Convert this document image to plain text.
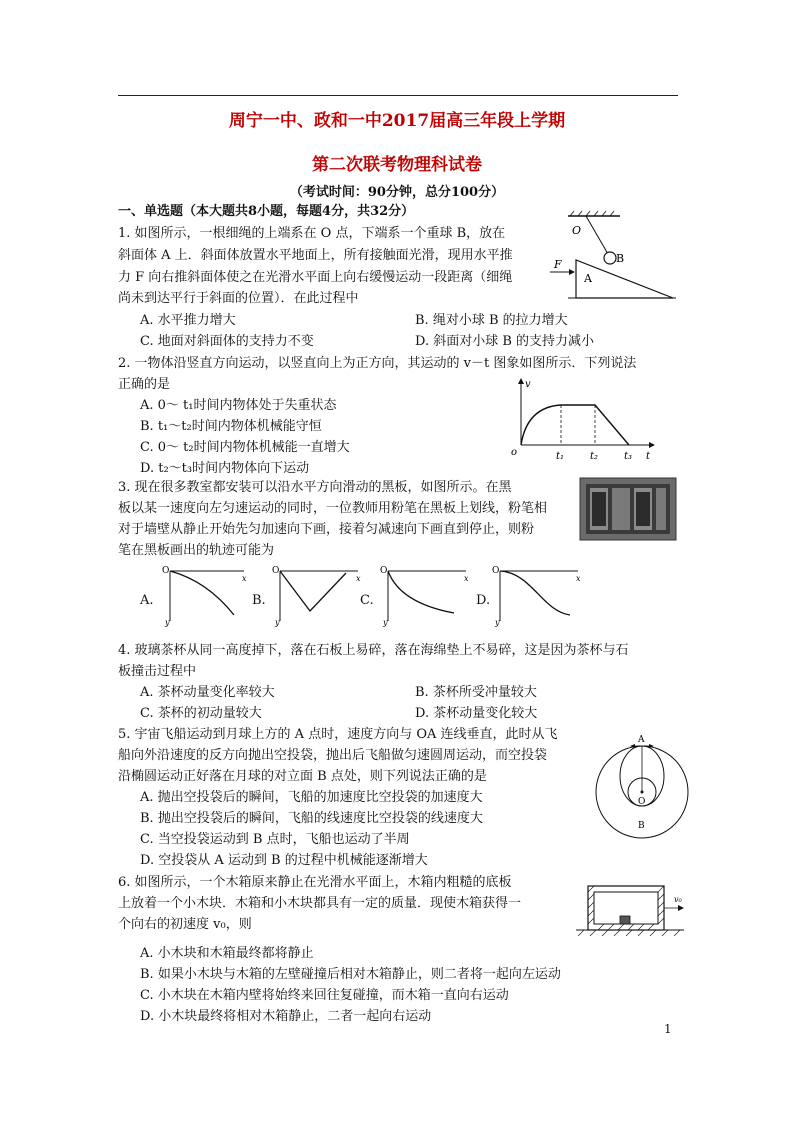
周宁一中、政和一中2017届高三年段上学期
第二次联考物理科试卷
（考试时间：90分钟，总分100分）
一、单选题（本大题共8小题，每题4分，共32分）
1. 如图所示，一根细绳的上端系在 O 点，下端系一个重球 B，放在
斜面体 A 上．斜面体放置水平地面上，所有接触面光滑，现用水平推
力 F 向右推斜面体使之在光滑水平面上向右缓慢运动一段距离（细绳
尚未到达平行于斜面的位置）．在此过程中
A. 水平推力增大	B. 绳对小球 B 的拉力增大
C. 地面对斜面体的支持力不变	D. 斜面对小球 B 的支持力减小
O
B
A
F
2. 一物体沿竖直方向运动，以竖直向上为正方向，其运动的 v－t 图象如图所示．下列说法
正确的是
A. 0～ t₁时间内物体处于失重状态
B. t₁～t₂时间内物体机械能守恒
C. 0～ t₂时间内物体机械能一直增大
D. t₂～t₃时间内物体向下运动
v
o	t₁	t₂	t₃ t
3. 现在很多教室都安装可以沿水平方向滑动的黑板，如图所示。在黑
板以某一速度向左匀速运动的同时，一位教师用粉笔在黑板上划线，粉笔相
对于墙壁从静止开始先匀加速向下画，接着匀减速向下画直到停止，则粉
笔在黑板画出的轨迹可能为
A.
O
x
y
B.
O
x
y
C.
O
x
y
D.
O
x
y
4. 玻璃茶杯从同一高度掉下，落在石板上易碎，落在海绵垫上不易碎，这是因为茶杯与石
板撞击过程中
A. 茶杯动量变化率较大	B. 茶杯所受冲量较大
C. 茶杯的初动量较大	D. 茶杯动量变化较大
5. 宇宙飞船运动到月球上方的 A 点时，速度方向与 OA 连线垂直，此时从飞
船向外沿速度的反方向抛出空投袋，抛出后飞船做匀速圆周运动，而空投袋
沿椭圆运动正好落在月球的对立面 B 点处，则下列说法正确的是
A. 抛出空投袋后的瞬间，飞船的加速度比空投袋的加速度大
B. 抛出空投袋后的瞬间，飞船的线速度比空投袋的线速度大
C. 当空投袋运动到 B 点时，飞船也运动了半周
D. 空投袋从 A 运动到 B 的过程中机械能逐渐增大
A
O
B
6. 如图所示，一个木箱原来静止在光滑水平面上，木箱内粗糙的底板
上放着一个小木块．木箱和小木块都具有一定的质量．现使木箱获得一
个向右的初速度 v₀，则
v₀
A. 小木块和木箱最终都将静止
B. 如果小木块与木箱的左壁碰撞后相对木箱静止，则二者将一起向左运动
C. 小木块在木箱内壁将始终来回往复碰撞，而木箱一直向右运动
D. 小木块最终将相对木箱静止，二者一起向右运动
1
